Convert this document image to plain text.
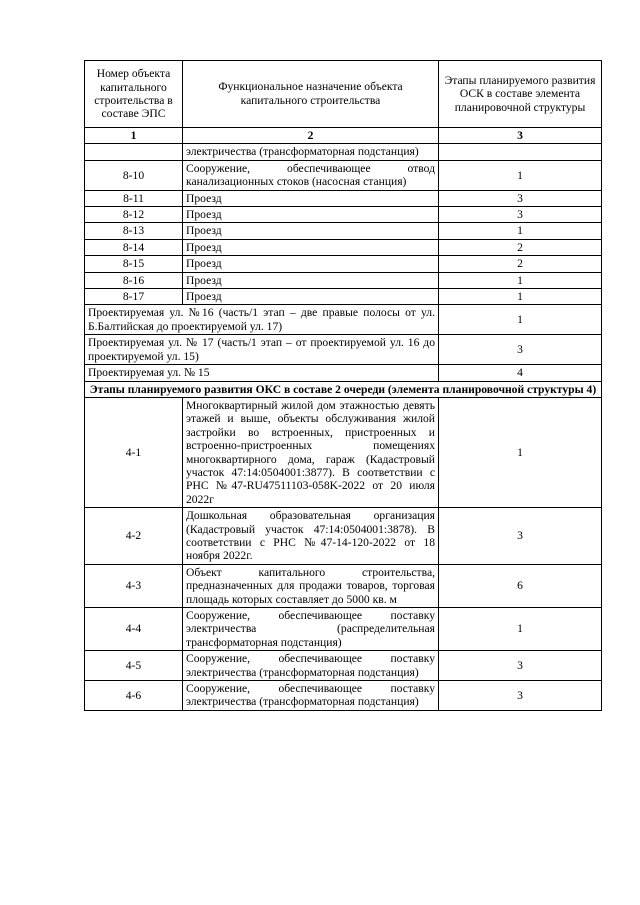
Номер объекта капитального строительства в составе ЭПС	Функциональное назначение объекта капитального строительства	Этапы планируемого развития ОСК в составе элемента планировочной структуры
1	2	3
	электричества (трансформаторная подстанция)	
8-10	Сооружение, обеспечивающее отвод канализационных стоков (насосная станция)	1
8-11	Проезд	3
8-12	Проезд	3
8-13	Проезд	1
8-14	Проезд	2
8-15	Проезд	2
8-16	Проезд	1
8-17	Проезд	1
Проектируемая ул. №16 (часть/1 этап – две правые полосы от ул. Б.Балтийская до проектируемой ул. 17)		1
Проектируемая ул. № 17 (часть/1 этап – от проектируемой ул. 16 до проектируемой ул. 15)		3
Проектируемая ул. № 15		4
Этапы планируемого развития ОКС в составе 2 очереди (элемента планировочной структуры 4)		
4-1	Многоквартирный жилой дом этажностью девять этажей и выше, объекты обслуживания жилой застройки во встроенных, пристроенных и встроенно-пристроенных помещениях многоквартирного дома, гараж (Кадастровый участок 47:14:0504001:3877). В соответствии с РНС №47-RU47511103-058K-2022 от 20 июля 2022г	1
4-2	Дошкольная образовательная организация (Кадастровый участок 47:14:0504001:3878). В соответствии с РНС №47-14-120-2022 от 18 ноября 2022г.	3
4-3	Объект капитального строительства, предназначенных для продажи товаров, торговая площадь которых составляет до 5000 кв. м	6
4-4	Сооружение, обеспечивающее поставку электричества (распределительная трансформаторная подстанция)	1
4-5	Сооружение, обеспечивающее поставку электричества (трансформаторная подстанция)	3
4-6	Сооружение, обеспечивающее поставку электричества (трансформаторная подстанция)	3
